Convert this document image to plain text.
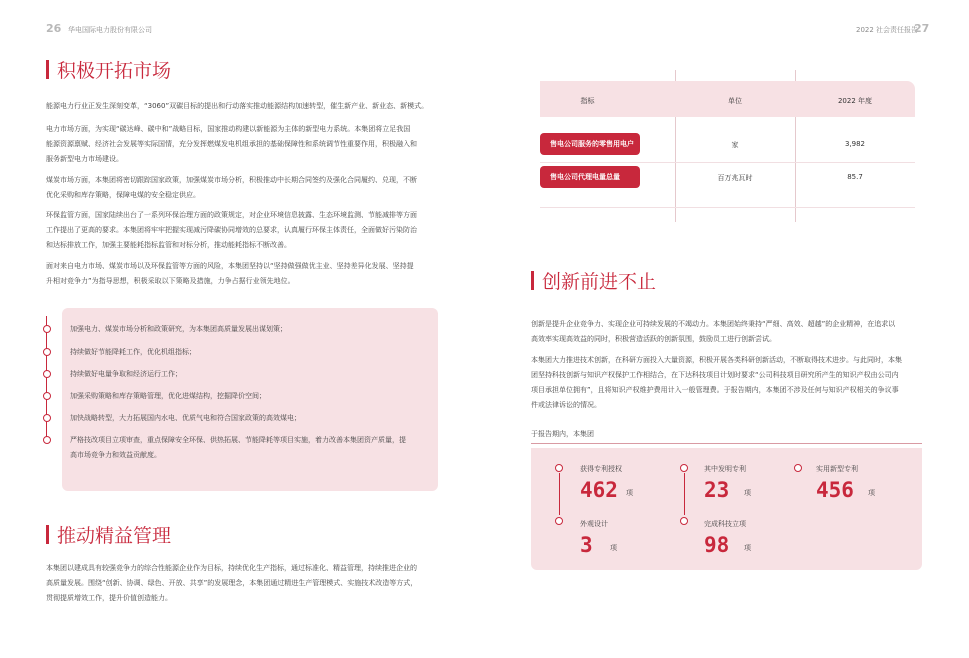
26 华电国际电力股份有限公司	2022 社会责任报告
27
积极开拓市场
能源电力行业正发生深刻变革，“3060”双碳目标的提出和行动落实推动能源结构加速转型，催生新产业、新业态、新模式。
电力市场方面，为实现“碳达峰、碳中和”战略目标，国家推动构建以新能源为主体的新型电力系统。本集团将立足我国
能源资源禀赋、经济社会发展等实际国情，充分发挥燃煤发电机组承担的基础保障性和系统调节性重要作用，积极融入和
服务新型电力市场建设。
煤炭市场方面，本集团将密切跟踪国家政策，加强煤炭市场分析，积极推动中长期合同签约及强化合同履约、兑现，不断
优化采购和库存策略，保障电煤的安全稳定供应。
环保监管方面，国家陆续出台了一系列环保治理方面的政策规定，对企业环境信息披露、生态环境监测、节能减排等方面
工作提出了更高的要求。本集团将牢牢把握实现减污降碳协同增效的总要求，认真履行环保主体责任，全面做好污染防治
和达标排放工作，加强主要能耗指标监管和对标分析，推动能耗指标不断改善。
面对来自电力市场、煤炭市场以及环保监管等方面的风险，本集团坚持以“坚持做强做优主业、坚持差异化发展、坚持提
升相对竞争力”为指导思想，积极采取以下策略及措施，力争占据行业领先地位。
加强电力、煤炭市场分析和政策研究，为本集团高质量发展出谋划策；
持续做好节能降耗工作，优化机组指标；
持续做好电量争取和经济运行工作；
加强采购策略和库存策略管理，优化进煤结构，挖掘降价空间；
加快战略转型，大力拓展国内水电、优质气电和符合国家政策的高效煤电；
严格技改项目立项审查，重点保障安全环保、供热拓展、节能降耗等项目实施，着力改善本集团资产质量，提
高市场竞争力和效益贡献度。
推动精益管理
本集团以建成具有较强竞争力的综合性能源企业作为目标，持续优化生产指标，通过标准化、精益管理，持续推进企业的
高质量发展。围绕“创新、协调、绿色、开放、共享”的发展理念，本集团通过精进生产管理模式、实施技术改造等方式，
贯彻提质增效工作，提升价值创造能力。
指标	单位	2022 年度
售电公司服务的零售用电户	家	3,982
售电公司代理电量总量	百万兆瓦时	85.7
创新前进不止
创新是提升企业竞争力、实现企业可持续发展的不竭动力。本集团始终秉持“严细、高效、超越”的企业精神，在追求以
高效率实现高效益的同时，积极营造活跃的创新氛围，鼓励员工进行创新尝试。
本集团大力推进技术创新，在科研方面投入大量资源，积极开展各类科研创新活动，不断取得技术进步。与此同时，本集
团坚持科技创新与知识产权保护工作相结合，在下达科技项目计划时要求“公司科技项目研究所产生的知识产权由公司内
项目承担单位拥有”，且将知识产权维护费用计入一般管理费。于报告期内，本集团不涉及任何与知识产权相关的争议事
件或法律诉讼的情况。
于报告期内，本集团
获得专利授权
462 项
外观设计
3 项
其中发明专利
23 项
完成科技立项
98 项
实用新型专利
456 项
